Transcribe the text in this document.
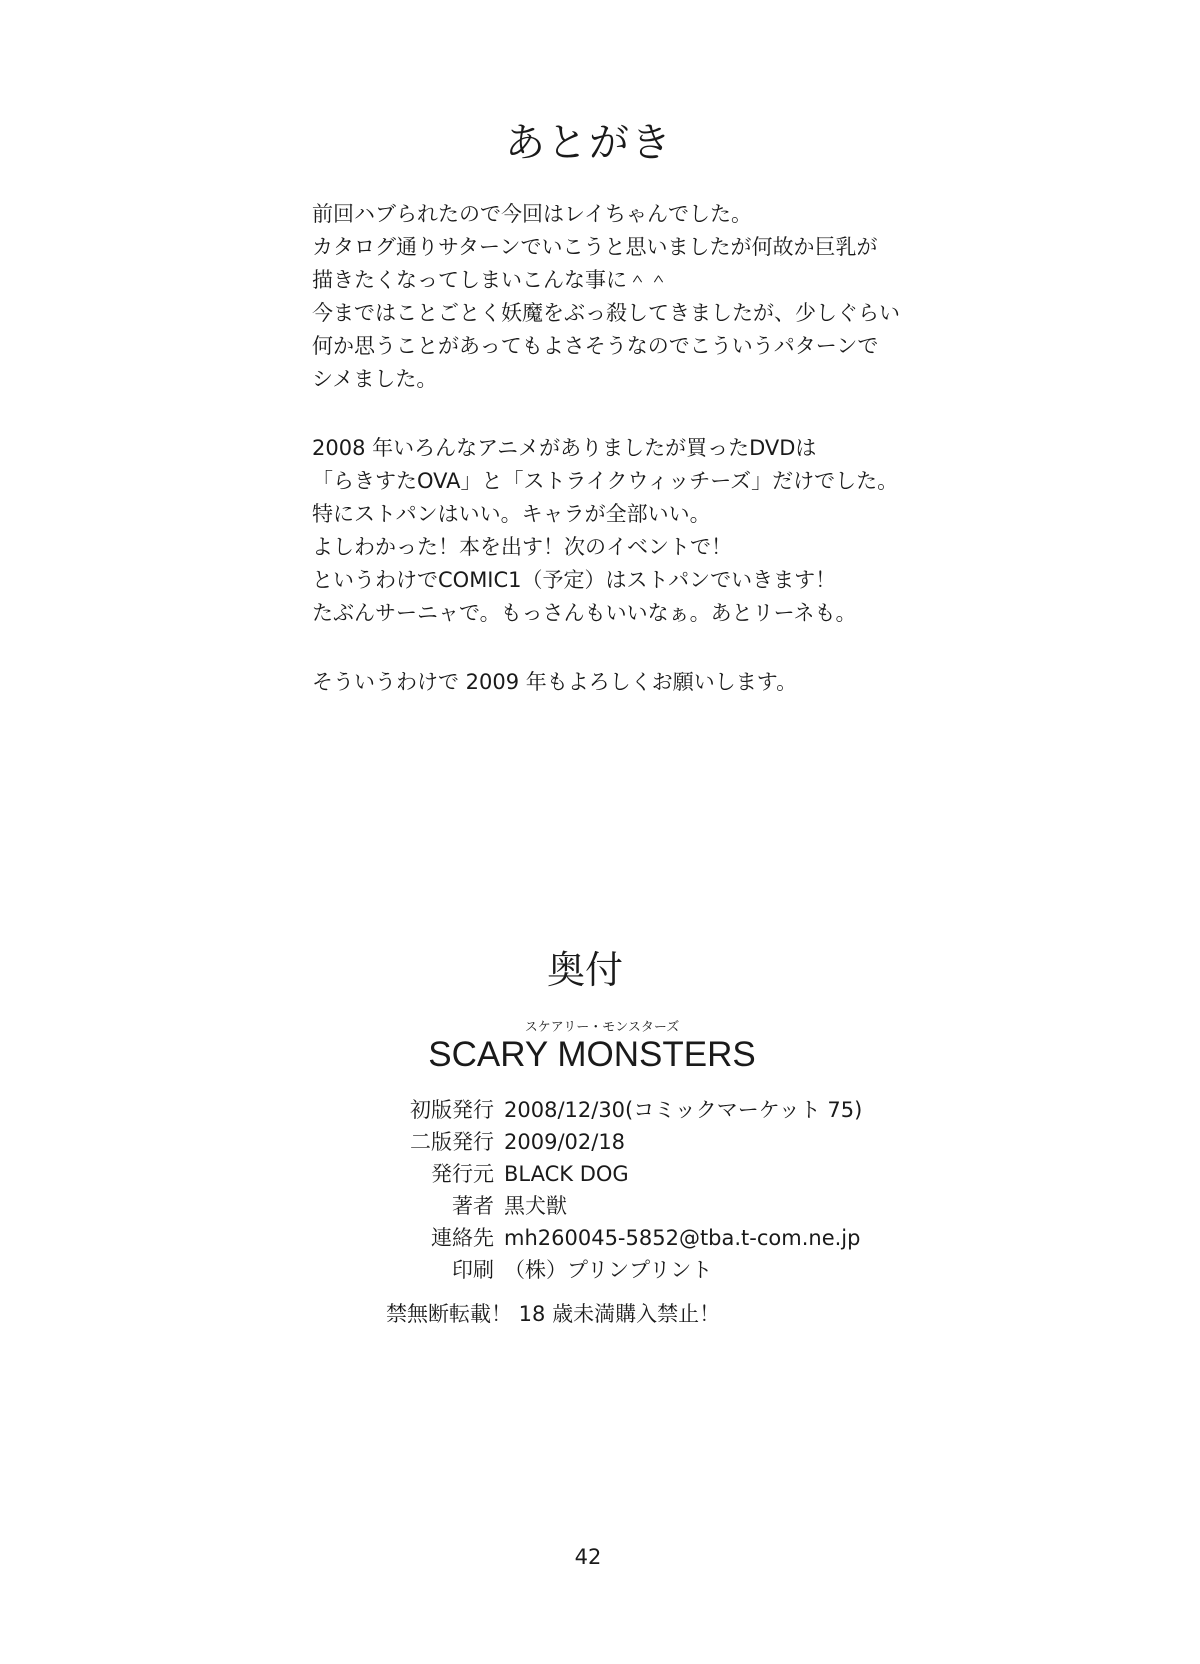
あとがき

前回ハブられたので今回はレイちゃんでした。

カタログ通りサターンでいこうと思いましたが何故か巨乳が

描きたくなってしまいこんな事に＾＾

今まではことごとく妖魔をぶっ殺してきましたが、少しぐらい

何か思うことがあってもよさそうなのでこういうパターンで

シメました。

2008 年いろんなアニメがありましたが買ったDVDは

「らきすたOVA」と「ストライクウィッチーズ」だけでした。

特にストパンはいい。キャラが全部いい。

よしわかった！本を出す！次のイベントで！

というわけでCOMIC1（予定）はストパンでいきます！

たぶんサーニャで。もっさんもいいなぁ。あとリーネも。

そういうわけで 2009 年もよろしくお願いします。

奥付
スケアリー・モンスターズ
SCARY MONSTERS
初版発行 2008/12/30(コミックマーケット 75)
二版発行 2009/02/18
発行元 BLACK DOG
著者 黒犬獣
連絡先 mh260045-5852@tba.t-com.ne.jp
印刷 （株）プリンプリント
禁無断転載！ 18 歳未満購入禁止！
42
